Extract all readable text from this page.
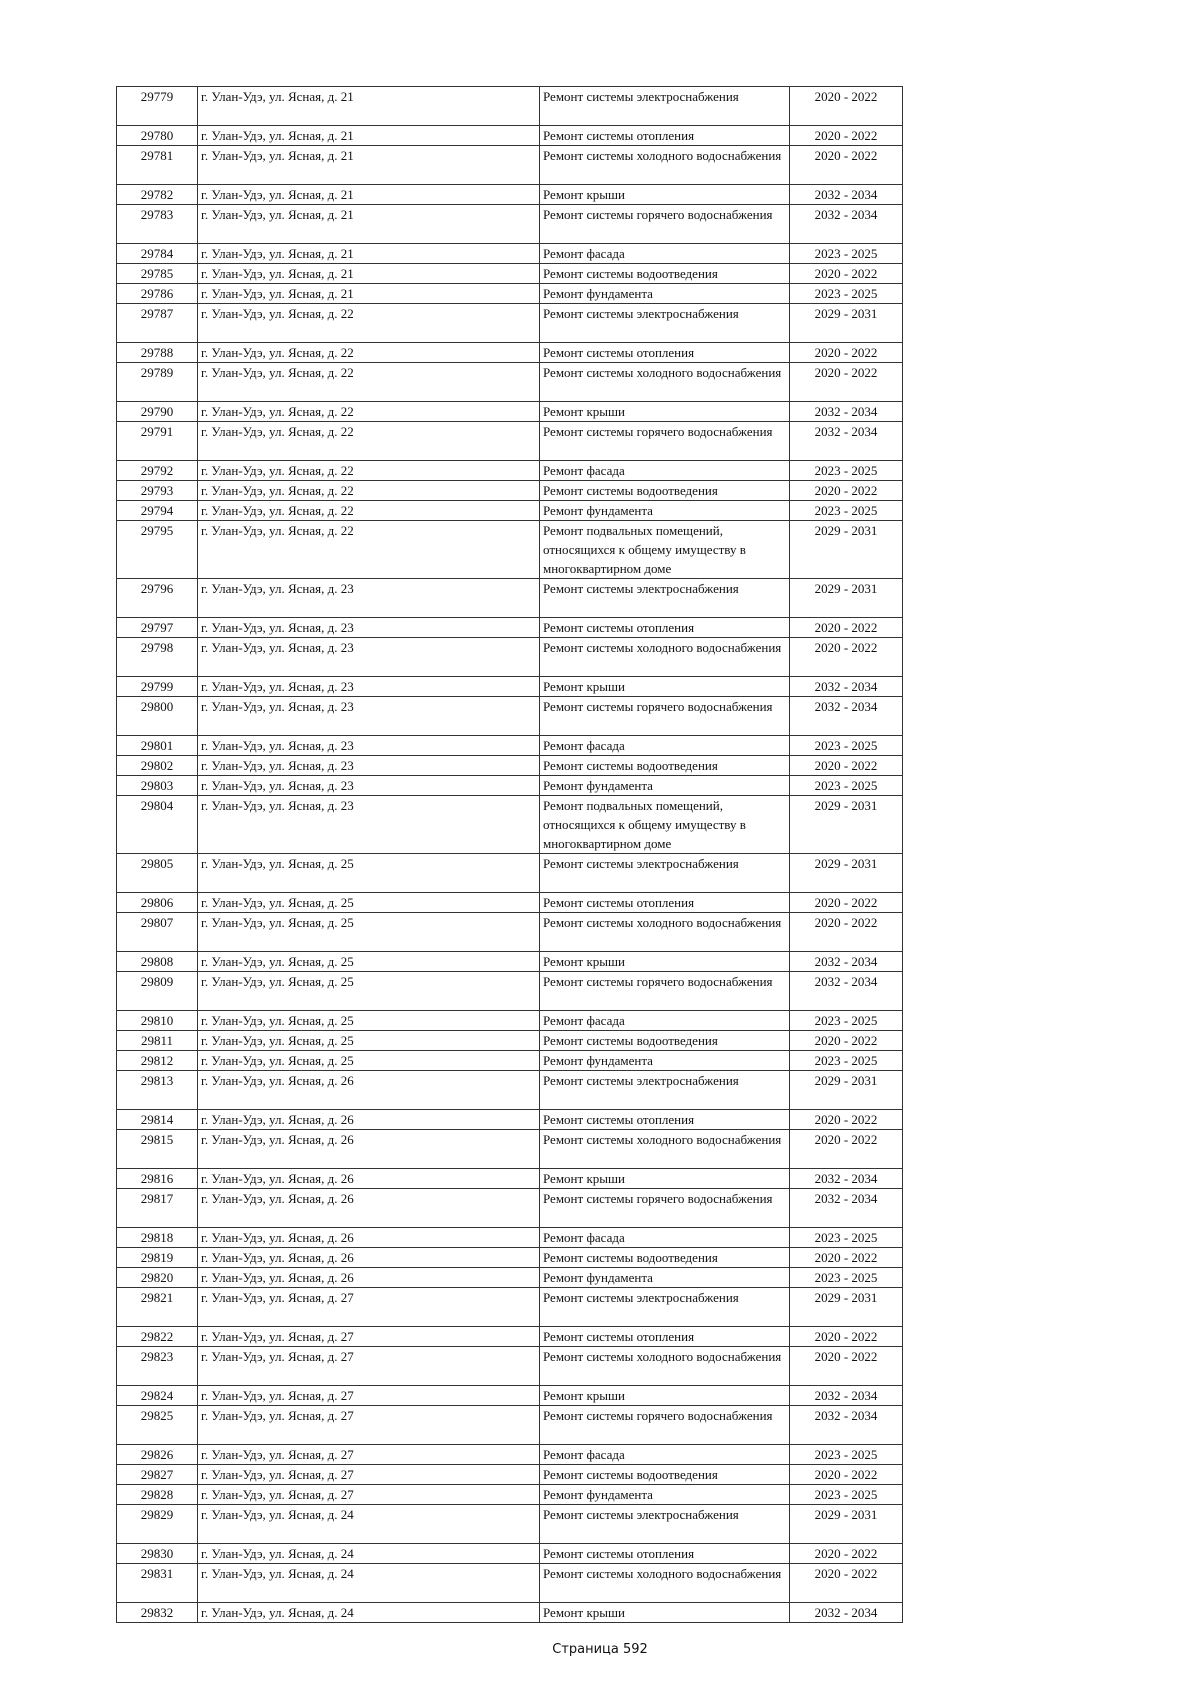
29779	г. Улан-Удэ, ул. Ясная, д. 21	Ремонт системы электроснабжения	2020 - 2022
29780	г. Улан-Удэ, ул. Ясная, д. 21	Ремонт системы отопления	2020 - 2022
29781	г. Улан-Удэ, ул. Ясная, д. 21	Ремонт системы холодного водоснабжения	2020 - 2022
29782	г. Улан-Удэ, ул. Ясная, д. 21	Ремонт крыши	2032 - 2034
29783	г. Улан-Удэ, ул. Ясная, д. 21	Ремонт системы горячего водоснабжения	2032 - 2034
29784	г. Улан-Удэ, ул. Ясная, д. 21	Ремонт фасада	2023 - 2025
29785	г. Улан-Удэ, ул. Ясная, д. 21	Ремонт системы водоотведения	2020 - 2022
29786	г. Улан-Удэ, ул. Ясная, д. 21	Ремонт фундамента	2023 - 2025
29787	г. Улан-Удэ, ул. Ясная, д. 22	Ремонт системы электроснабжения	2029 - 2031
29788	г. Улан-Удэ, ул. Ясная, д. 22	Ремонт системы отопления	2020 - 2022
29789	г. Улан-Удэ, ул. Ясная, д. 22	Ремонт системы холодного водоснабжения	2020 - 2022
29790	г. Улан-Удэ, ул. Ясная, д. 22	Ремонт крыши	2032 - 2034
29791	г. Улан-Удэ, ул. Ясная, д. 22	Ремонт системы горячего водоснабжения	2032 - 2034
29792	г. Улан-Удэ, ул. Ясная, д. 22	Ремонт фасада	2023 - 2025
29793	г. Улан-Удэ, ул. Ясная, д. 22	Ремонт системы водоотведения	2020 - 2022
29794	г. Улан-Удэ, ул. Ясная, д. 22	Ремонт фундамента	2023 - 2025
29795	г. Улан-Удэ, ул. Ясная, д. 22	Ремонт подвальных помещений, относящихся к общему имуществу в многоквартирном доме	2029 - 2031
29796	г. Улан-Удэ, ул. Ясная, д. 23	Ремонт системы электроснабжения	2029 - 2031
29797	г. Улан-Удэ, ул. Ясная, д. 23	Ремонт системы отопления	2020 - 2022
29798	г. Улан-Удэ, ул. Ясная, д. 23	Ремонт системы холодного водоснабжения	2020 - 2022
29799	г. Улан-Удэ, ул. Ясная, д. 23	Ремонт крыши	2032 - 2034
29800	г. Улан-Удэ, ул. Ясная, д. 23	Ремонт системы горячего водоснабжения	2032 - 2034
29801	г. Улан-Удэ, ул. Ясная, д. 23	Ремонт фасада	2023 - 2025
29802	г. Улан-Удэ, ул. Ясная, д. 23	Ремонт системы водоотведения	2020 - 2022
29803	г. Улан-Удэ, ул. Ясная, д. 23	Ремонт фундамента	2023 - 2025
29804	г. Улан-Удэ, ул. Ясная, д. 23	Ремонт подвальных помещений, относящихся к общему имуществу в многоквартирном доме	2029 - 2031
29805	г. Улан-Удэ, ул. Ясная, д. 25	Ремонт системы электроснабжения	2029 - 2031
29806	г. Улан-Удэ, ул. Ясная, д. 25	Ремонт системы отопления	2020 - 2022
29807	г. Улан-Удэ, ул. Ясная, д. 25	Ремонт системы холодного водоснабжения	2020 - 2022
29808	г. Улан-Удэ, ул. Ясная, д. 25	Ремонт крыши	2032 - 2034
29809	г. Улан-Удэ, ул. Ясная, д. 25	Ремонт системы горячего водоснабжения	2032 - 2034
29810	г. Улан-Удэ, ул. Ясная, д. 25	Ремонт фасада	2023 - 2025
29811	г. Улан-Удэ, ул. Ясная, д. 25	Ремонт системы водоотведения	2020 - 2022
29812	г. Улан-Удэ, ул. Ясная, д. 25	Ремонт фундамента	2023 - 2025
29813	г. Улан-Удэ, ул. Ясная, д. 26	Ремонт системы электроснабжения	2029 - 2031
29814	г. Улан-Удэ, ул. Ясная, д. 26	Ремонт системы отопления	2020 - 2022
29815	г. Улан-Удэ, ул. Ясная, д. 26	Ремонт системы холодного водоснабжения	2020 - 2022
29816	г. Улан-Удэ, ул. Ясная, д. 26	Ремонт крыши	2032 - 2034
29817	г. Улан-Удэ, ул. Ясная, д. 26	Ремонт системы горячего водоснабжения	2032 - 2034
29818	г. Улан-Удэ, ул. Ясная, д. 26	Ремонт фасада	2023 - 2025
29819	г. Улан-Удэ, ул. Ясная, д. 26	Ремонт системы водоотведения	2020 - 2022
29820	г. Улан-Удэ, ул. Ясная, д. 26	Ремонт фундамента	2023 - 2025
29821	г. Улан-Удэ, ул. Ясная, д. 27	Ремонт системы электроснабжения	2029 - 2031
29822	г. Улан-Удэ, ул. Ясная, д. 27	Ремонт системы отопления	2020 - 2022
29823	г. Улан-Удэ, ул. Ясная, д. 27	Ремонт системы холодного водоснабжения	2020 - 2022
29824	г. Улан-Удэ, ул. Ясная, д. 27	Ремонт крыши	2032 - 2034
29825	г. Улан-Удэ, ул. Ясная, д. 27	Ремонт системы горячего водоснабжения	2032 - 2034
29826	г. Улан-Удэ, ул. Ясная, д. 27	Ремонт фасада	2023 - 2025
29827	г. Улан-Удэ, ул. Ясная, д. 27	Ремонт системы водоотведения	2020 - 2022
29828	г. Улан-Удэ, ул. Ясная, д. 27	Ремонт фундамента	2023 - 2025
29829	г. Улан-Удэ, ул. Ясная, д. 24	Ремонт системы электроснабжения	2029 - 2031
29830	г. Улан-Удэ, ул. Ясная, д. 24	Ремонт системы отопления	2020 - 2022
29831	г. Улан-Удэ, ул. Ясная, д. 24	Ремонт системы холодного водоснабжения	2020 - 2022
29832	г. Улан-Удэ, ул. Ясная, д. 24	Ремонт крыши	2032 - 2034
Страница 592
